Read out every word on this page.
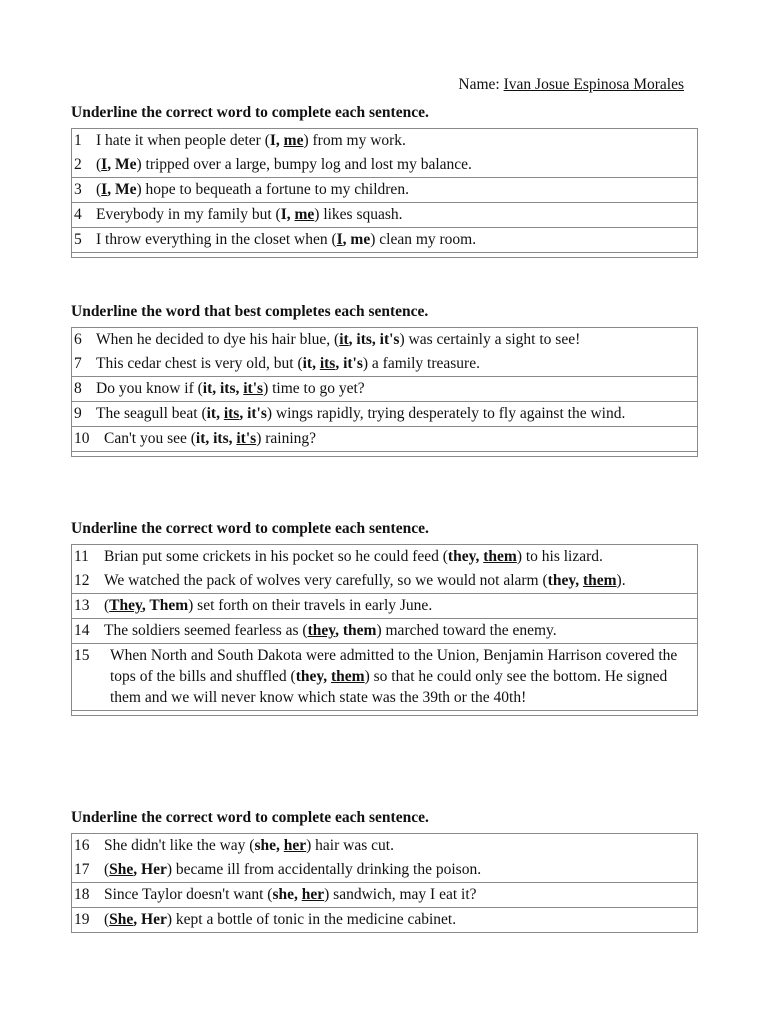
Name: Ivan Josue Espinosa Morales
Underline the correct word to complete each sentence.
1 I hate it when people deter (I, me) from my work.
2 (I, Me) tripped over a large, bumpy log and lost my balance.
3 (I, Me) hope to bequeath a fortune to my children.
4 Everybody in my family but (I, me) likes squash.
5 I throw everything in the closet when (I, me) clean my room.
Underline the word that best completes each sentence.
6 When he decided to dye his hair blue, (it, its, it's) was certainly a sight to see!
7 This cedar chest is very old, but (it, its, it's) a family treasure.
8 Do you know if (it, its, it's) time to go yet?
9 The seagull beat (it, its, it's) wings rapidly, trying desperately to fly against the wind.
10 Can't you see (it, its, it's) raining?
Underline the correct word to complete each sentence.
11 Brian put some crickets in his pocket so he could feed (they, them) to his lizard.
12 We watched the pack of wolves very carefully, so we would not alarm (they, them).
13 (They, Them) set forth on their travels in early June.
14 The soldiers seemed fearless as (they, them) marched toward the enemy.
15	When North and South Dakota were admitted to the Union, Benjamin Harrison covered the tops of the bills and shuffled (they, them) so that he could only see the bottom. He signed them and we will never know which state was the 39th or the 40th!
Underline the correct word to complete each sentence.
16 She didn't like the way (she, her) hair was cut.
17 (She, Her) became ill from accidentally drinking the poison.
18 Since Taylor doesn't want (she, her) sandwich, may I eat it?
19 (She, Her) kept a bottle of tonic in the medicine cabinet.
